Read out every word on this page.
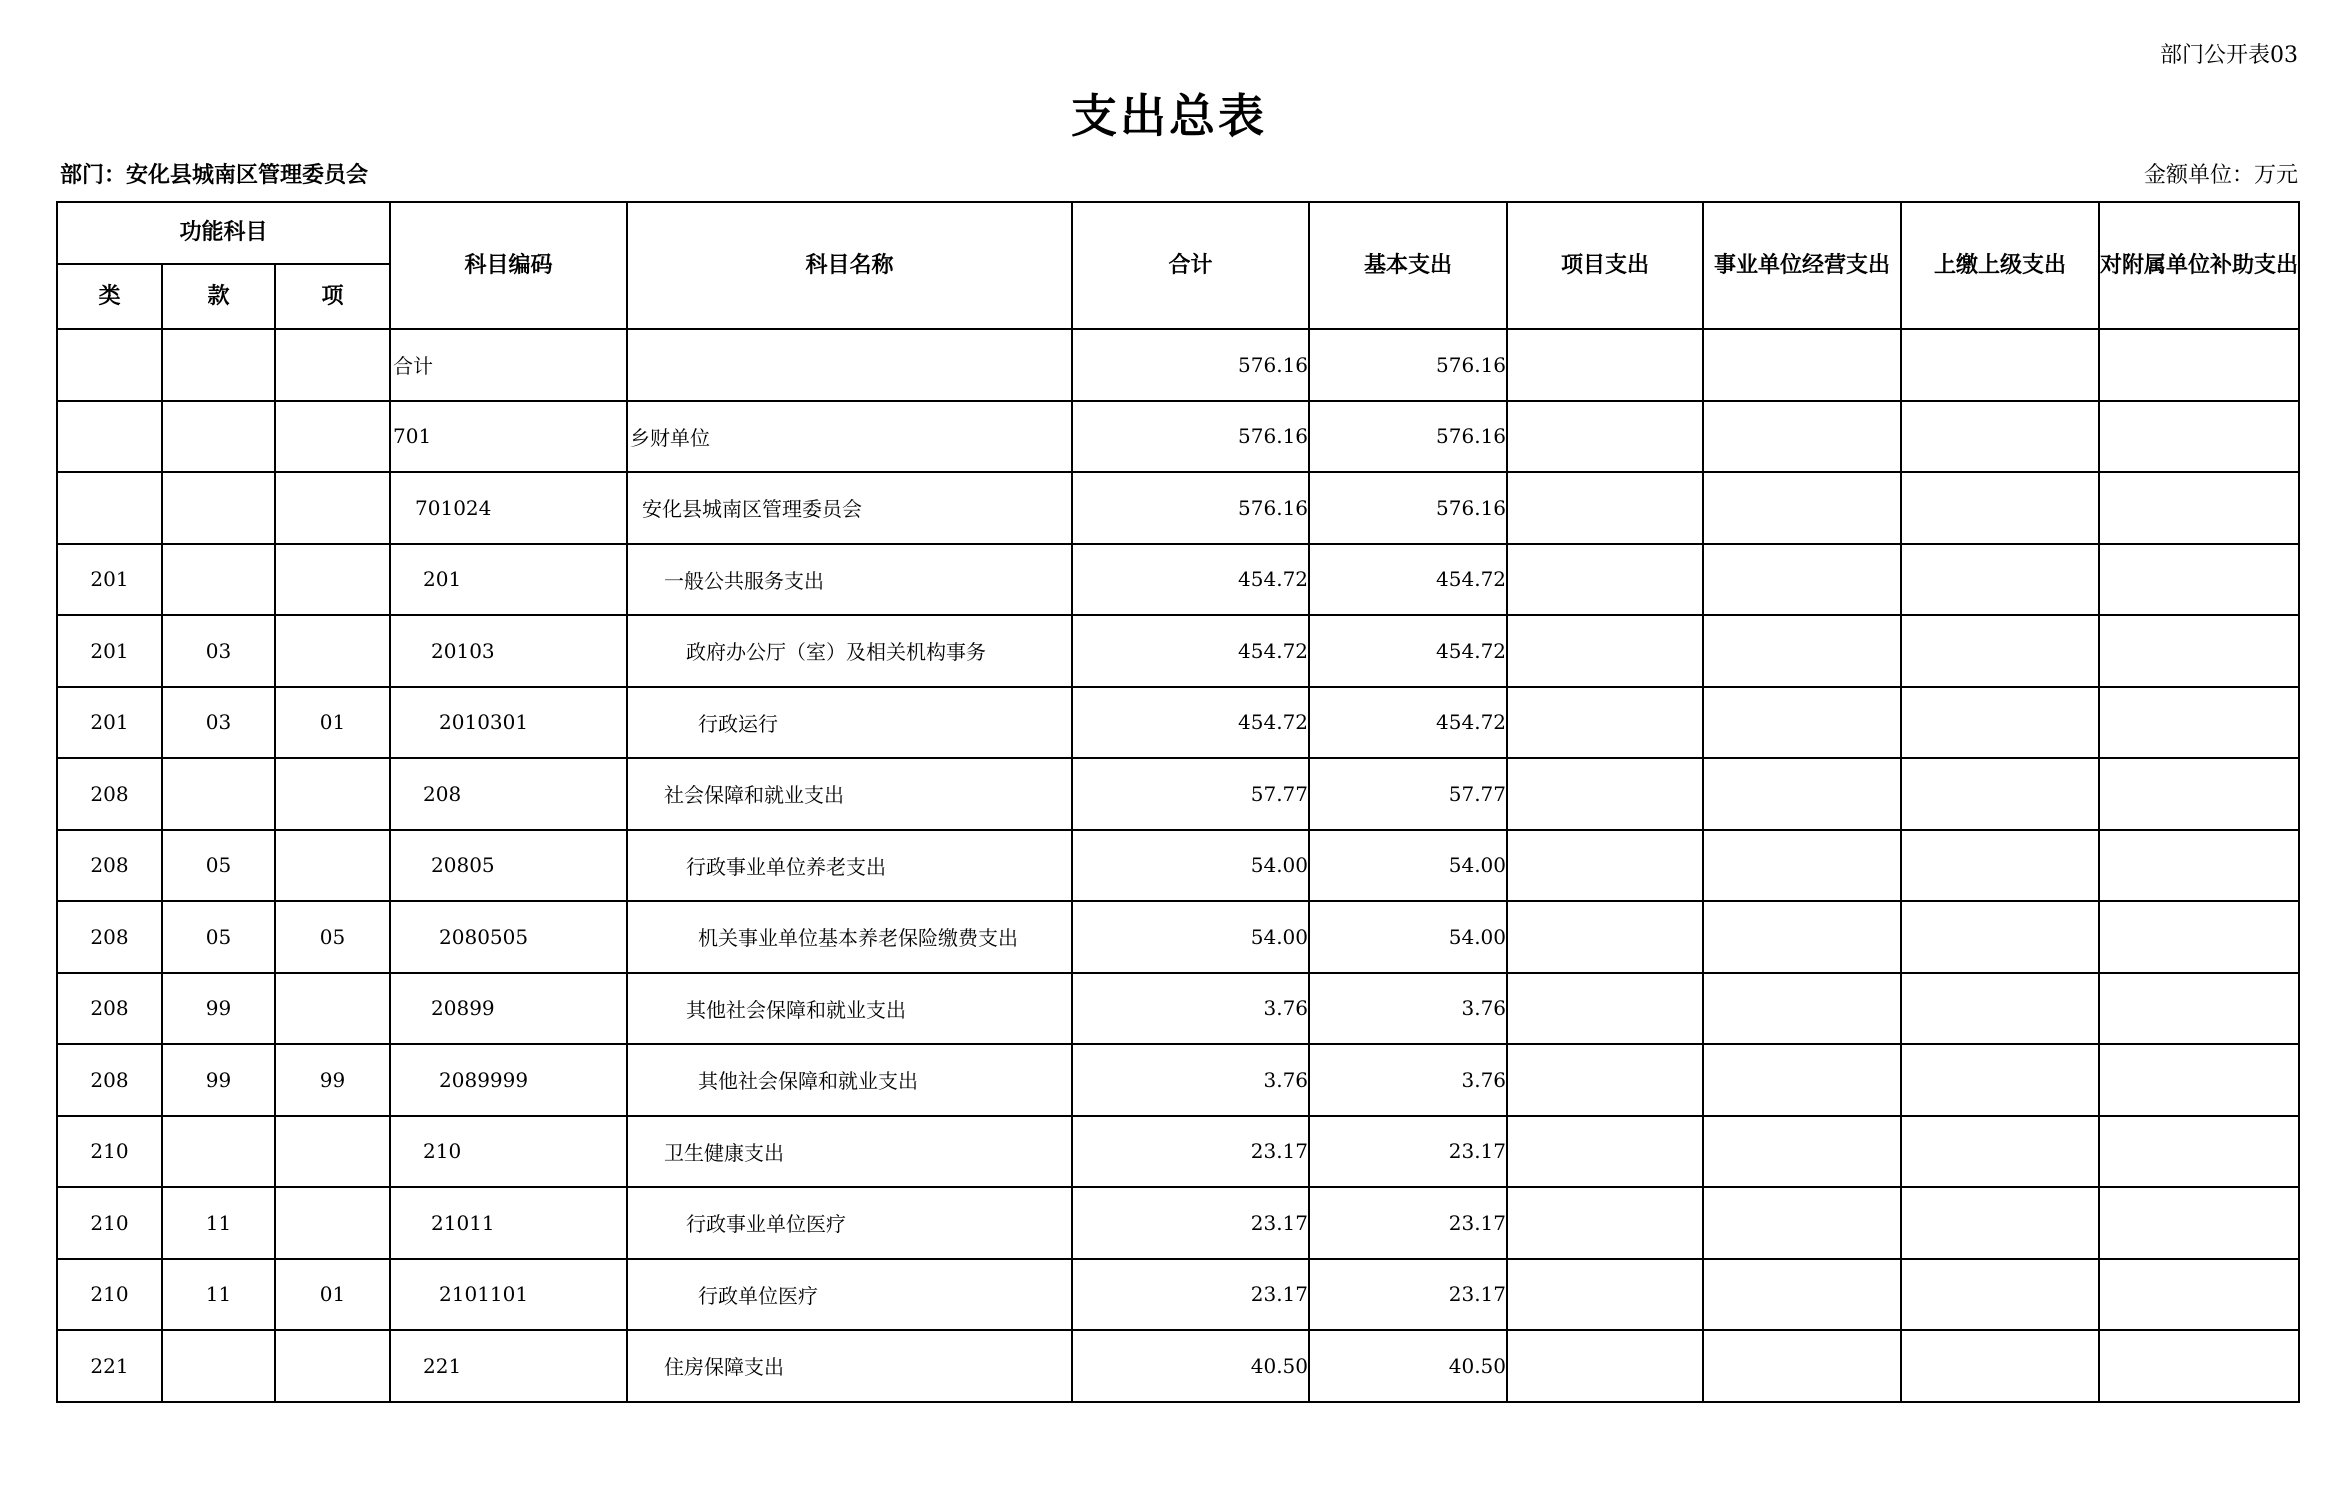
部门公开表03
支出总表
部门：安化县城南区管理委员会	金额单位：万元
功能科目			科目编码	科目名称	合计	基本支出	项目支出	事业单位经营支出	上缴上级支出	对附属单位补助支出
类	款	项								
			合计		576.16	576.16				
			701	乡财单位	576.16	576.16				
			701024	安化县城南区管理委员会	576.16	576.16				
201			201	一般公共服务支出	454.72	454.72				
201	03		20103	政府办公厅（室）及相关机构事务	454.72	454.72				
201	03	01	2010301	行政运行	454.72	454.72				
208			208	社会保障和就业支出	57.77	57.77				
208	05		20805	行政事业单位养老支出	54.00	54.00				
208	05	05	2080505	机关事业单位基本养老保险缴费支出	54.00	54.00				
208	99		20899	其他社会保障和就业支出	3.76	3.76				
208	99	99	2089999	其他社会保障和就业支出	3.76	3.76				
210			210	卫生健康支出	23.17	23.17				
210	11		21011	行政事业单位医疗	23.17	23.17				
210	11	01	2101101	行政单位医疗	23.17	23.17				
221			221	住房保障支出	40.50	40.50				
